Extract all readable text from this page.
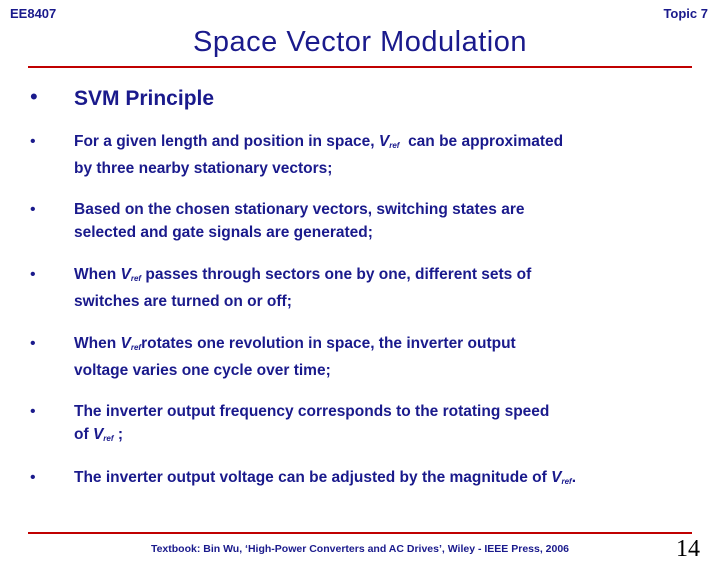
EE8407	Topic 7
Space Vector Modulation
•	SVM Principle
•	For a given length and position in space, $V_{ref}$  can be approximated
by three nearby stationary vectors;
•	Based on the chosen stationary vectors, switching states are
selected and gate signals are generated;
•	When $V_{ref}$ passes through sectors one by one, different sets of
switches are turned on or off;
•	When $V_{ref}rotates$ one revolution in space, the inverter output
voltage varies one cycle over time;
•	The inverter output frequency corresponds to the rotating speed
of $V_{ref}$ ;
•	The inverter output voltage can be adjusted by the magnitude of $V_{ref}$.
Textbook: Bin Wu, ‘High-Power Converters and AC Drives’, Wiley - IEEE Press, 2006	14
